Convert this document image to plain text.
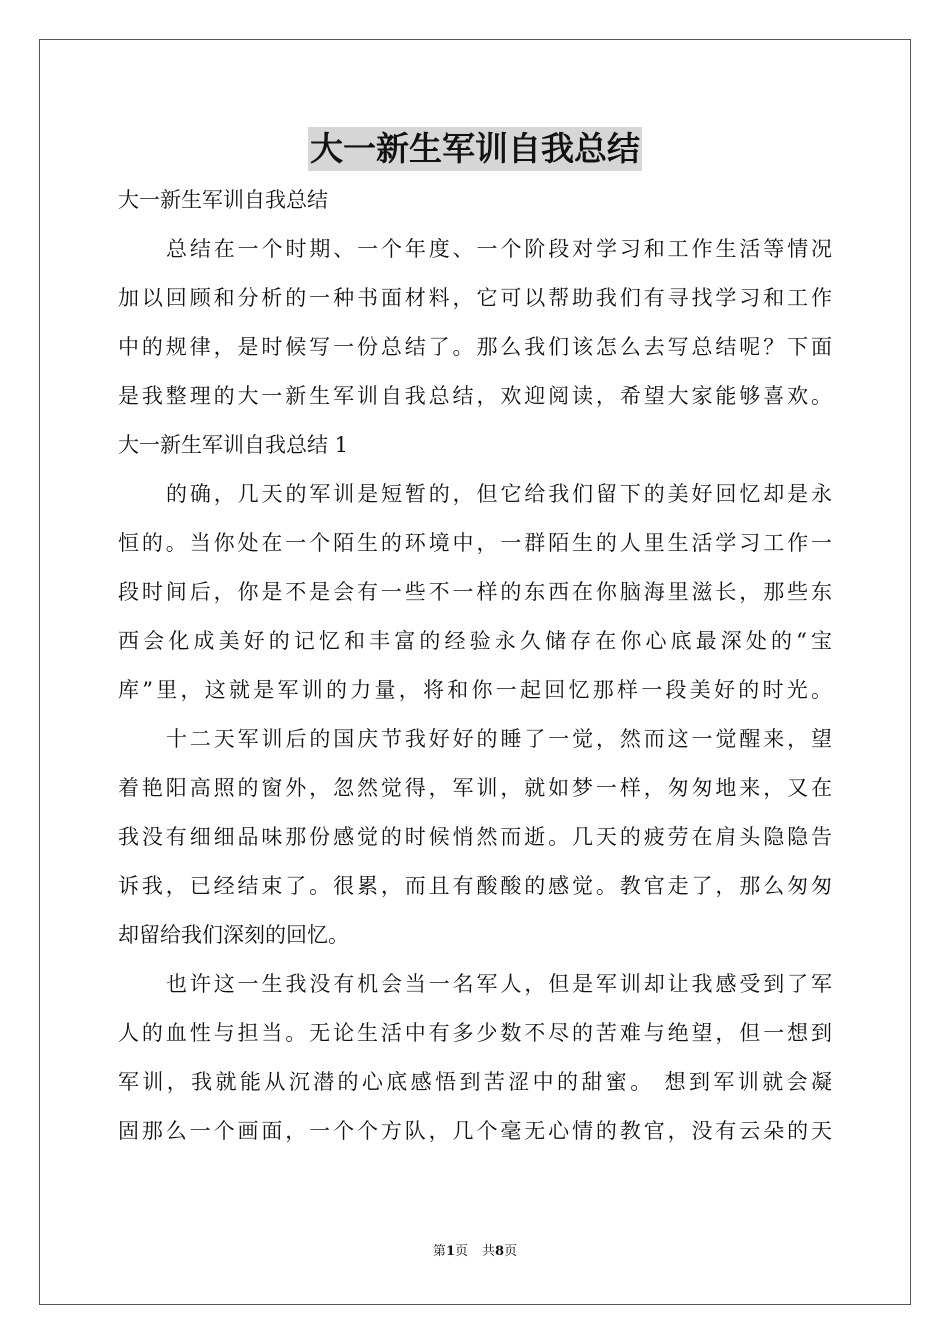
大一新生军训自我总结
大一新生军训自我总结
总结在一个时期、一个年度、一个阶段对学习和工作生活等情况
加以回顾和分析的一种书面材料，它可以帮助我们有寻找学习和工作
中的规律，是时候写一份总结了。那么我们该怎么去写总结呢？下面
是我整理的大一新生军训自我总结，欢迎阅读，希望大家能够喜欢。
大一新生军训自我总结 1
的确，几天的军训是短暂的，但它给我们留下的美好回忆却是永
恒的。当你处在一个陌生的环境中，一群陌生的人里生活学习工作一
段时间后，你是不是会有一些不一样的东西在你脑海里滋长，那些东
西会化成美好的记忆和丰富的经验永久储存在你心底最深处的“宝
库”里，这就是军训的力量，将和你一起回忆那样一段美好的时光。
十二天军训后的国庆节我好好的睡了一觉，然而这一觉醒来，望
着艳阳高照的窗外，忽然觉得，军训，就如梦一样，匆匆地来，又在
我没有细细品味那份感觉的时候悄然而逝。几天的疲劳在肩头隐隐告
诉我，已经结束了。很累，而且有酸酸的感觉。教官走了，那么匆匆
却留给我们深刻的回忆。
也许这一生我没有机会当一名军人，但是军训却让我感受到了军
人的血性与担当。无论生活中有多少数不尽的苦难与绝望，但一想到
军训，我就能从沉潜的心底感悟到苦涩中的甜蜜。 想到军训就会凝
固那么一个画面，一个个方队，几个毫无心情的教官，没有云朵的天
第1页 共8页
